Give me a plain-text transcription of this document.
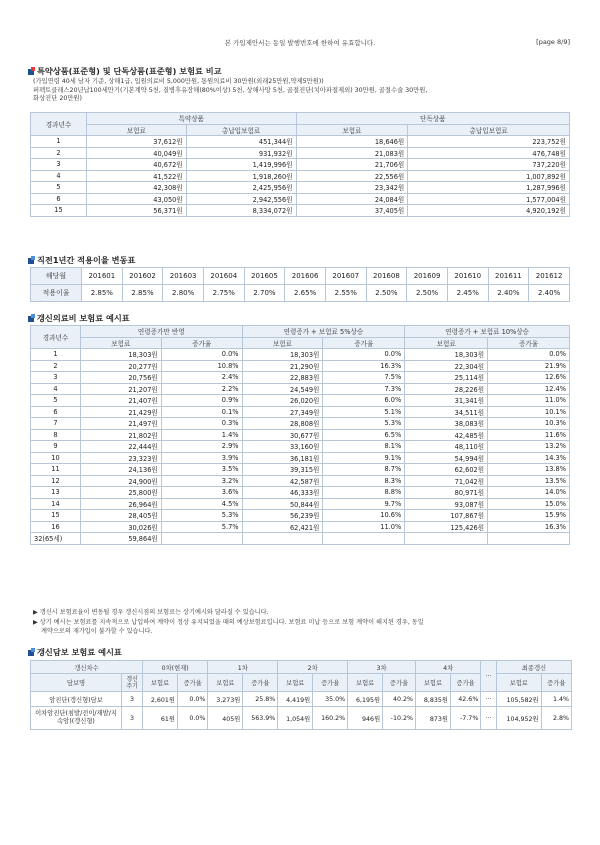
본 가입제안서는 동일 발행번호에 한하여 유효합니다.	[page 8/9]
특약상품(표준형) 및 단독상품(표준형) 보험료 비교
(가입연령 40세 남자 기준, 상해1급, 입원의료비 5,000만원, 통원의료비 30만원(외래25만원,약제5만원))
퍼펙트클래스20년납100세만기(기본계약 5천, 질병후유장해(80%이상) 5천, 상해사망 5천, 골절진단(치아파절제외) 30만원, 골절수술 30만원,
화상진단 20만원)
경과년수	특약상품		단독상품	
	보험료	총납입보험료	보험료	총납입보험료
1	37,612원	451,344원	18,646원	223,752원
2	40,049원	931,932원	21,083원	476,748원
3	40,672원	1,419,996원	21,706원	737,220원
4	41,522원	1,918,260원	22,556원	1,007,892원
5	42,308원	2,425,956원	23,342원	1,287,996원
6	43,050원	2,942,556원	24,084원	1,577,004원
15	56,371원	8,334,072원	37,405원	4,920,192원
직전1년간 적용이율 변동표
해당월	201601	201602	201603	201604	201605	201606	201607	201608	201609	201610	201611	201612
적용이율	2.85%	2.85%	2.80%	2.75%	2.70%	2.65%	2.55%	2.50%	2.50%	2.45%	2.40%	2.40%
갱신의료비 보험료 예시표
경과년수	연령증가만 반영		연령증가 + 보험료 5%상승		연령증가 + 보험료 10%상승	
	보험료	증가율	보험료	증가율	보험료	증가율
1	18,303원	0.0%	18,303원	0.0%	18,303원	0.0%
2	20,277원	10.8%	21,290원	16.3%	22,304원	21.9%
3	20,756원	2.4%	22,883원	7.5%	25,114원	12.6%
4	21,207원	2.2%	24,549원	7.3%	28,226원	12.4%
5	21,407원	0.9%	26,020원	6.0%	31,341원	11.0%
6	21,429원	0.1%	27,349원	5.1%	34,511원	10.1%
7	21,497원	0.3%	28,808원	5.3%	38,083원	10.3%
8	21,802원	1.4%	30,677원	6.5%	42,485원	11.6%
9	22,444원	2.9%	33,160원	8.1%	48,110원	13.2%
10	23,323원	3.9%	36,181원	9.1%	54,994원	14.3%
11	24,136원	3.5%	39,315원	8.7%	62,602원	13.8%
12	24,900원	3.2%	42,587원	8.3%	71,042원	13.5%
13	25,800원	3.6%	46,333원	8.8%	80,971원	14.0%
14	26,964원	4.5%	50,844원	9.7%	93,087원	15.0%
15	28,405원	5.3%	56,239원	10.6%	107,867원	15.9%
16	30,026원	5.7%	62,421원	11.0%	125,426원	16.3%
32(65세)	59,864원					
▶ 갱신시 보험료율이 변동될 경우 갱신시점의 보험료는 상기예시와 달라질 수 있습니다.
▶ 상기 예시는 보험료를 지속적으로 납입하여 계약이 정상 유지되었을 때의 예상보험료입니다. 보험료 미납 등으로 보험 계약이 해지된 경우, 동일
계약으로의 재가입이 불가할 수 있습니다.
갱신담보 보험료 예시표
갱신차수		0차(현재)		1차		2차		3차		4차		···	최종갱신	
담보명	갱신주기	보험료	증가율	보험료	증가율	보험료	증가율	보험료	증가율	보험료	증가율		보험료	증가율
암진단(갱신형)담보	3	2,601원	0.0%	3,273원	25.8%	4,419원	35.0%	6,195원	40.2%	8,835원	42.6%	···	105,582원	1.4%
이차암진단(침발/전이/재발/지속암)(갱신형)	3	61원	0.0%	405원	563.9%	1,054원	160.2%	946원	-10.2%	873원	-7.7%	···	104,952원	2.8%
